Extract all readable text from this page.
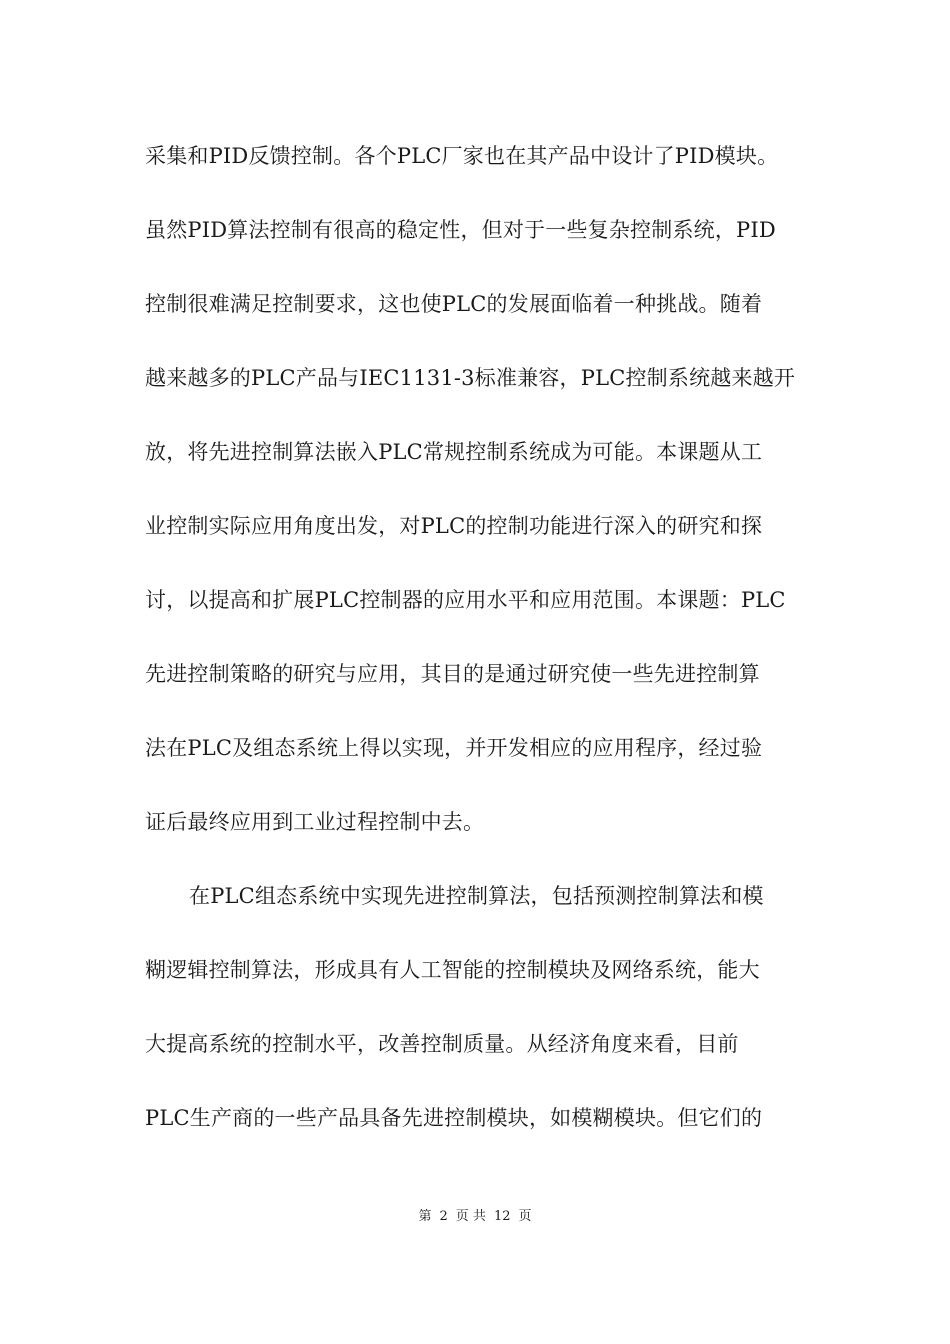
采集和PID反馈控制。各个PLC厂家也在其产品中设计了PID模块。
虽然PID算法控制有很高的稳定性，但对于一些复杂控制系统，PID
控制很难满足控制要求，这也使PLC的发展面临着一种挑战。随着
越来越多的PLC产品与IEC1131-3标准兼容，PLC控制系统越来越开
放，将先进控制算法嵌入PLC常规控制系统成为可能。本课题从工
业控制实际应用角度出发，对PLC的控制功能进行深入的研究和探
讨，以提高和扩展PLC控制器的应用水平和应用范围。本课题：PLC
先进控制策略的研究与应用，其目的是通过研究使一些先进控制算
法在PLC及组态系统上得以实现，并开发相应的应用程序，经过验
证后最终应用到工业过程控制中去。
在PLC组态系统中实现先进控制算法，包括预测控制算法和模
糊逻辑控制算法，形成具有人工智能的控制模块及网络系统，能大
大提高系统的控制水平，改善控制质量。从经济角度来看，目前
PLC生产商的一些产品具备先进控制模块，如模糊模块。但它们的
第 2 页 共 12 页
